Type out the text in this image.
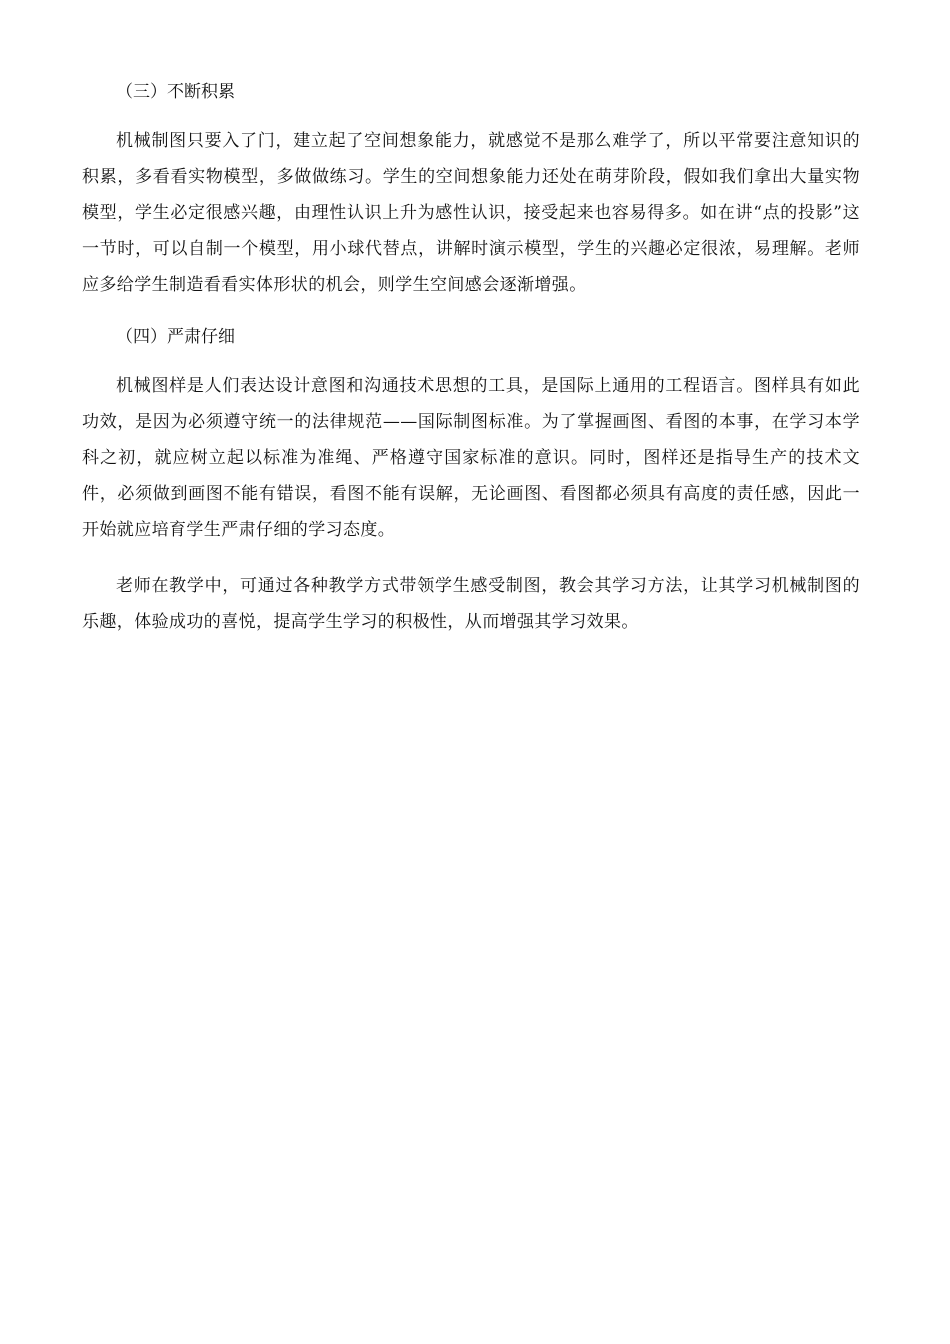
（三）不断积累

机械制图只要入了门，建立起了空间想象能力，就感觉不是那么难学了，所以平常要注意知识的积累，多看看实物模型，多做做练习。学生的空间想象能力还处在萌芽阶段，假如我们拿出大量实物模型，学生必定很感兴趣，由理性认识上升为感性认识，接受起来也容易得多。如在讲“点的投影”这一节时，可以自制一个模型，用小球代替点，讲解时演示模型，学生的兴趣必定很浓，易理解。老师应多给学生制造看看实体形状的机会，则学生空间感会逐渐增强。

（四）严肃仔细

机械图样是人们表达设计意图和沟通技术思想的工具，是国际上通用的工程语言。图样具有如此功效，是因为必须遵守统一的法律规范——国际制图标准。为了掌握画图、看图的本事，在学习本学科之初，就应树立起以标准为准绳、严格遵守国家标准的意识。同时，图样还是指导生产的技术文件，必须做到画图不能有错误，看图不能有误解，无论画图、看图都必须具有高度的责任感，因此一开始就应培育学生严肃仔细的学习态度。

老师在教学中，可通过各种教学方式带领学生感受制图，教会其学习方法，让其学习机械制图的乐趣，体验成功的喜悦，提高学生学习的积极性，从而增强其学习效果。
